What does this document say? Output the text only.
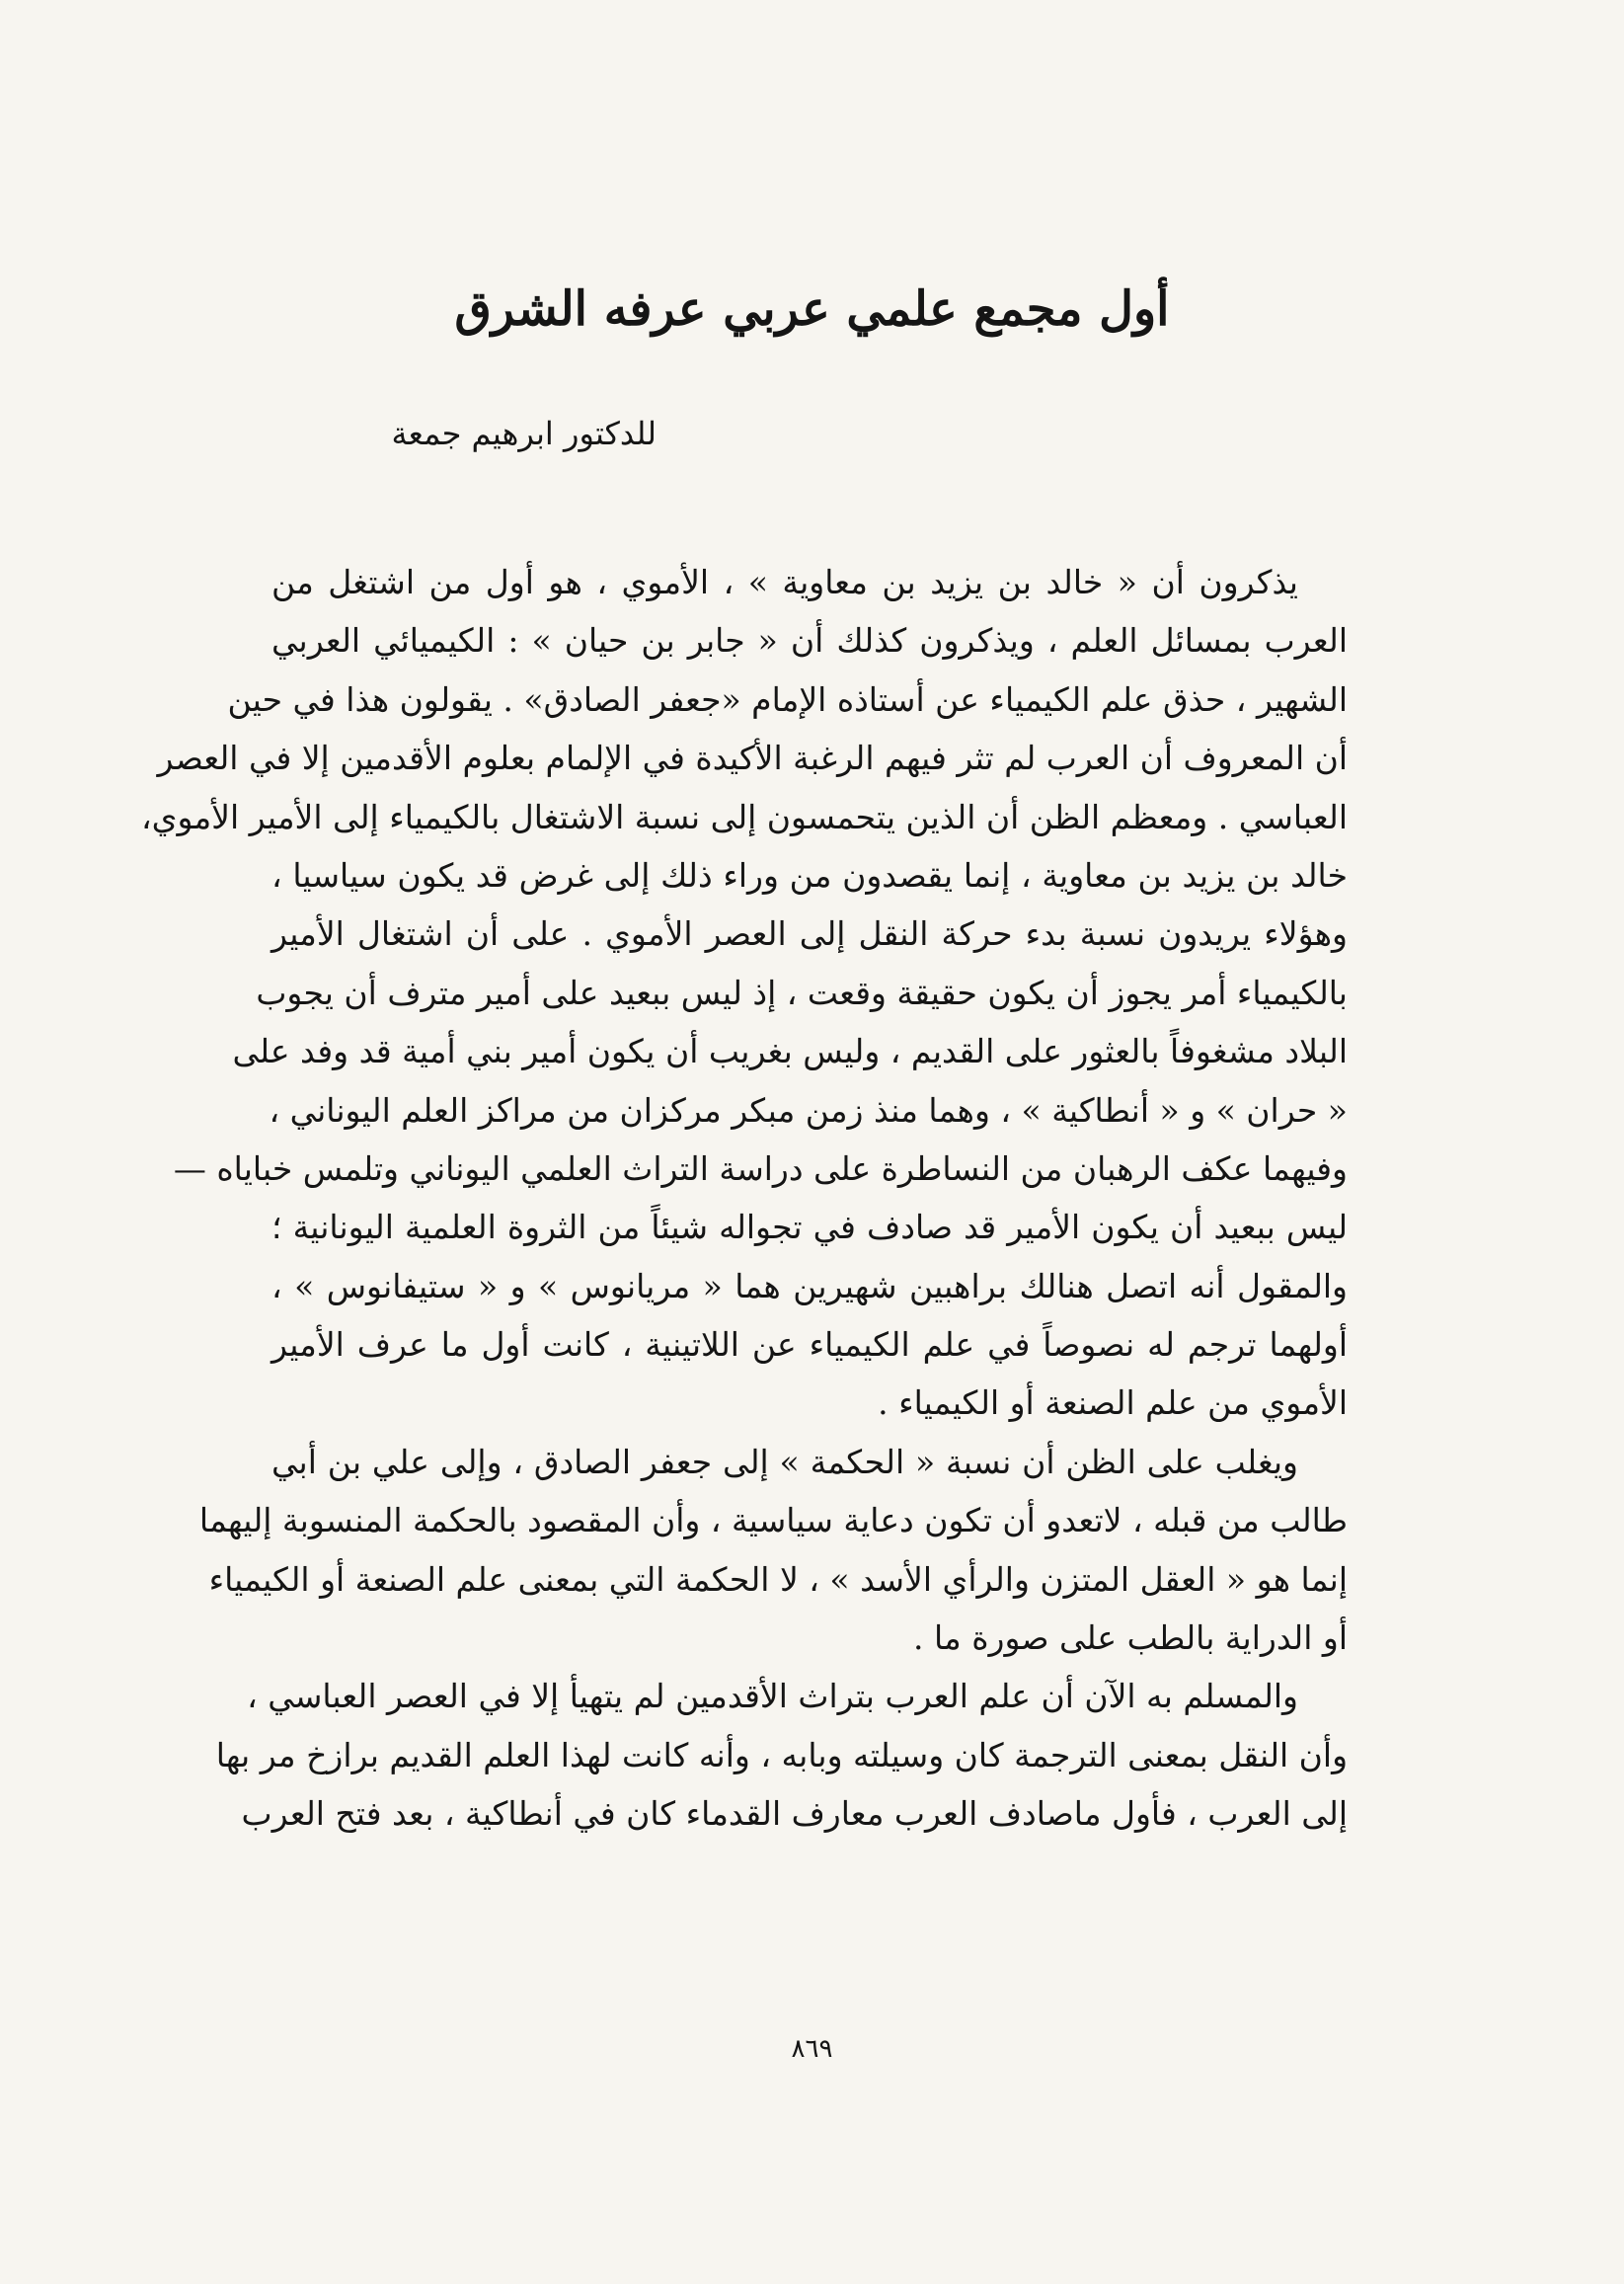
أول مجمع علمي عربي عرفه الشرق
للدكتور ابرهيم جمعة
يذكرون أن « خالد بن يزيد بن معاوية » ، الأموي ، هو أول من اشتغل من
العرب بمسائل العلم ، ويذكرون كذلك أن « جابر بن حيان » : الكيميائي العربي
الشهير ، حذق علم الكيمياء عن أستاذه الإمام «جعفر الصادق» . يقولون هذا في حين
أن المعروف أن العرب لم تثر فيهم الرغبة الأكيدة في الإلمام بعلوم الأقدمين إلا في العصر
العباسي . ومعظم الظن أن الذين يتحمسون إلى نسبة الاشتغال بالكيمياء إلى الأمير الأموي،
خالد بن يزيد بن معاوية ، إنما يقصدون من وراء ذلك إلى غرض قد يكون سياسيا ،
وهؤلاء يريدون نسبة بدء حركة النقل إلى العصر الأموي . على أن اشتغال الأمير
بالكيمياء أمر يجوز أن يكون حقيقة وقعت ، إذ ليس ببعيد على أمير مترف أن يجوب
البلاد مشغوفاً بالعثور على القديم ، وليس بغريب أن يكون أمير بني أمية قد وفد على
« حران » و « أنطاكية » ، وهما منذ زمن مبكر مركزان من مراكز العلم اليوناني ،
وفيهما عكف الرهبان من النساطرة على دراسة التراث العلمي اليوناني وتلمس خباياه —
ليس ببعيد أن يكون الأمير قد صادف في تجواله شيئاً من الثروة العلمية اليونانية ؛
والمقول أنه اتصل هنالك براهبين شهيرين هما « مريانوس » و « ستيفانوس » ،
أولهما ترجم له نصوصاً في علم الكيمياء عن اللاتينية ، كانت أول ما عرف الأمير
الأموي من علم الصنعة أو الكيمياء .
ويغلب على الظن أن نسبة « الحكمة » إلى جعفر الصادق ، وإلى علي بن أبي
طالب من قبله ، لاتعدو أن تكون دعاية سياسية ، وأن المقصود بالحكمة المنسوبة إليهما
إنما هو « العقل المتزن والرأي الأسد » ، لا الحكمة التي بمعنى علم الصنعة أو الكيمياء
أو الدراية بالطب على صورة ما .
والمسلم به الآن أن علم العرب بتراث الأقدمين لم يتهيأ إلا في العصر العباسي ،
وأن النقل بمعنى الترجمة كان وسيلته وبابه ، وأنه كانت لهذا العلم القديم برازخ مر بها
إلى العرب ، فأول ماصادف العرب معارف القدماء كان في أنطاكية ، بعد فتح العرب
٨٦٩
